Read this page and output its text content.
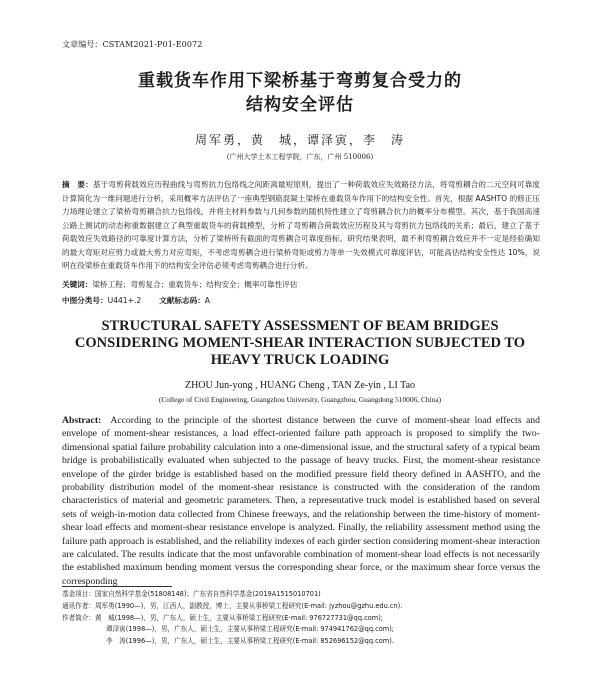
文章编号：CSTAM2021-P01-E0072
重载货车作用下梁桥基于弯剪复合受力的
结构安全评估
周军勇，黄　城，谭泽寅，李　涛
(广州大学土木工程学院，广东，广州 510006)
摘　要：基于弯剪荷载效应历程曲线与弯剪抗力包络线之间距离最短原则，提出了一种荷载效应失效路径方法，将弯剪耦合的二元空间可靠度计算简化为一维问题进行分析，采用概率方法评估了一座典型钢筋混凝土梁桥在重载货车作用下的结构安全性。首先，根据 AASHTO 的修正压力场理论建立了梁桥弯剪耦合抗力包络线，并将主材料参数与几何参数的随机特性建立了弯剪耦合抗力的概率分布模型。其次，基于我国高速公路上测试的动态称重数据建立了典型重载货车的荷载模型，分析了弯剪耦合荷载效应历程及其与弯剪抗力包络线的关系；最后，建立了基于荷载效应失效路径的可靠度计算方法，分析了梁桥所有截面的弯剪耦合可靠度指标。研究结果表明，最不利弯剪耦合效应并不一定是经验确知的最大弯矩对应剪力或最大剪力对应弯矩，不考虑弯剪耦合进行梁桥弯矩或剪力等单一失效模式可靠度评估，可能高估结构安全性达 10%，说明在役梁桥在重载货车作用下的结构安全评估必须考虑弯剪耦合进行分析。
关键词：梁桥工程；弯剪复合；重载货车；结构安全；概率可靠性评估
中图分类号：U441+.2 文献标志码：A
STRUCTURAL SAFETY ASSESSMENT OF BEAM BRIDGES
CONSIDERING MOMENT-SHEAR INTERACTION SUBJECTED TO
HEAVY TRUCK LOADING
ZHOU Jun-yong , HUANG Cheng , TAN Ze-yin , LI Tao
(College of Civil Engineering, Guangzhou University, Guangzhou, Guangdong 510006, China)
Abstract: According to the principle of the shortest distance between the curve of moment-shear load effects and envelope of moment-shear resistances, a load effect-oriented failure path approach is proposed to simplify the two-dimensional spatial failure probability calculation into a one-dimensional issue, and the structural safety of a typical beam bridge is probabilistically evaluated when subjected to the passage of heavy trucks. First, the moment-shear resistance envelope of the girder bridge is established based on the modified pressure field theory defined in AASHTO, and the probability distribution model of the moment-shear resistance is constructed with the consideration of the random characteristics of material and geometric parameters. Then, a representative truck model is established based on several sets of weigh-in-motion data collected from Chinese freeways, and the relationship between the time-history of moment-shear load effects and moment-shear resistance envelope is analyzed. Finally, the reliability assessment method using the failure path approach is established, and the reliability indexes of each girder section considering moment-shear interaction are calculated. The results indicate that the most unfavorable combination of moment-shear load effects is not necessarily the established maximum bending moment versus the corresponding shear force, or the maximum shear force versus the corresponding
基金项目：国家自然科学基金(51808148)；广东省自然科学基金(2019A1515010701)
通讯作者：周军勇(1990—)，男，江西人，副教授，博士，主要从事桥梁工程研究(E-mail: jyzhou@gzhu.edu.cn).
作者简介：黄　城(1998—)，男，广东人，硕士生，主要从事桥梁工程研究(E-mail: 976727731@qq.com);
谭泽寅(1998—)，男，广东人，硕士生，主要从事桥梁工程研究(E-mail: 974941762@qq.com);
李　涛(1996—)，男，广东人，硕士生，主要从事桥梁工程研究(E-mail: 852696152@qq.com).
